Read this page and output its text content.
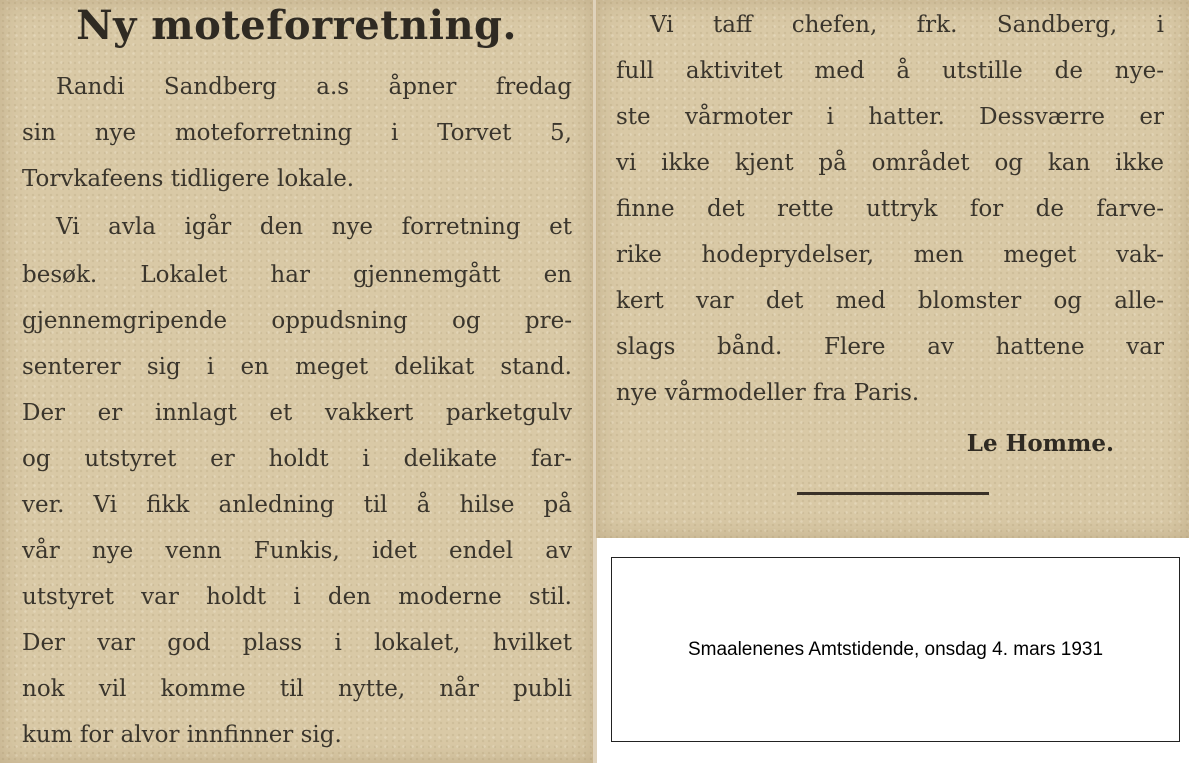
Ny moteforretning.

Randi Sandberg a.s åpner fredag

sin nye moteforretning i Torvet 5,

Torvkafeens tidligere lokale.

Vi avla igår den nye forretning et

besøk. Lokalet har gjennemgått en

gjennemgripende oppudsning og pre-

senterer sig i en meget delikat stand.

Der er innlagt et vakkert parketgulv

og utstyret er holdt i delikate far-

ver. Vi fikk anledning til å hilse på

vår nye venn Funkis, idet endel av

utstyret var holdt i den moderne stil.

Der var god plass i lokalet, hvilket

nok vil komme til nytte, når publi

kum for alvor innfinner sig.

Vi taff chefen, frk. Sandberg, i

full aktivitet med å utstille de nye-

ste vårmoter i hatter. Dessværre er

vi ikke kjent på området og kan ikke

finne det rette uttryk for de farve-

rike hodeprydelser, men meget vak-

kert var det med blomster og alle-

slags bånd. Flere av hattene var

nye vårmodeller fra Paris.

Le Homme.
Smaalenenes Amtstidende, onsdag 4. mars 1931
